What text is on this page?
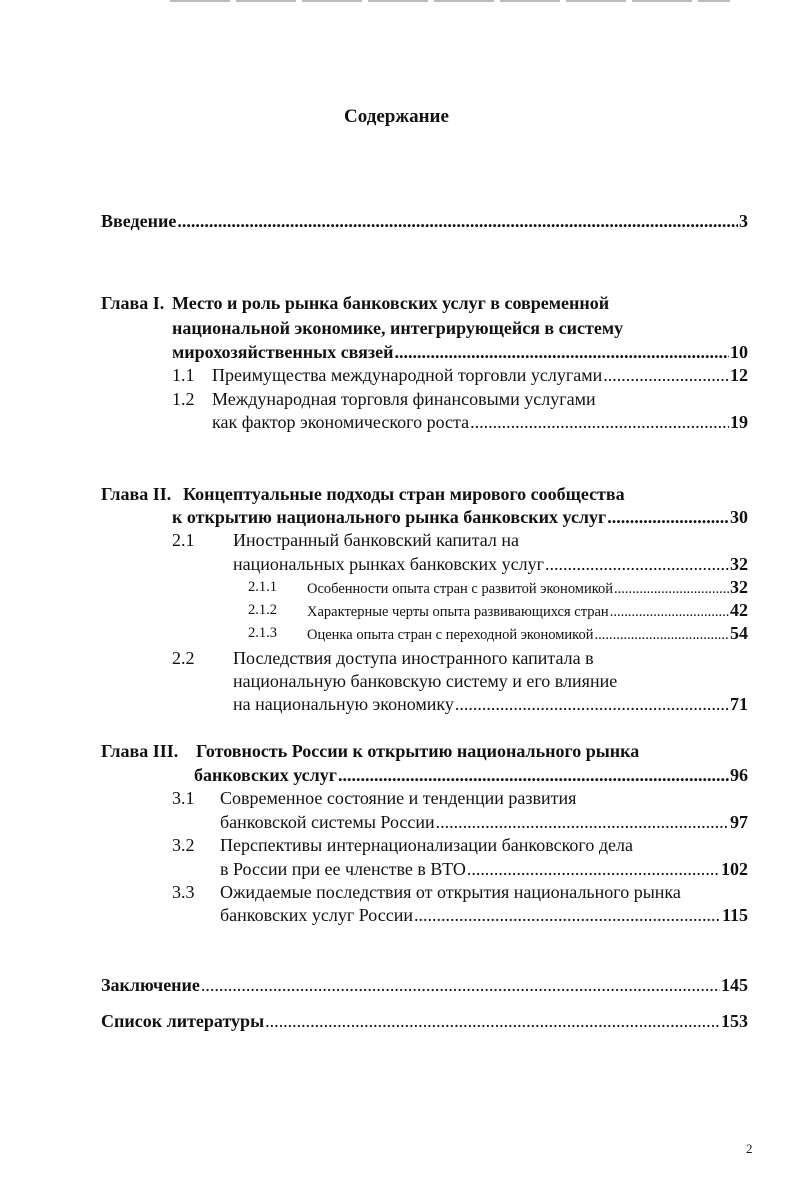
Содержание
Введение .....	3
Глава I. Место и роль рынка банковских услуг в современной
национальной экономике, интегрирующейся в систему
мирохозяйственных связей .....	10
1.1 Преимущества международной торговли услугами .....	12
1.2 Международная торговля финансовыми услугами
как фактор экономического роста .....	19
Глава II. Концептуальные подходы стран мирового сообщества
к открытию национального рынка банковских услуг .....	30
2.1 Иностранный банковский капитал на
национальных рынках банковских услуг .....	32
2.1.1 Особенности опыта стран с развитой экономикой .....	32
2.1.2 Характерные черты опыта развивающихся стран .....	42
2.1.3 Оценка опыта стран с переходной экономикой .....	54
2.2 Последствия доступа иностранного капитала в
национальную банковскую систему и его влияние
на национальную экономику .....	71
Глава III. Готовность России к открытию национального рынка
банковских услуг .....	96
3.1 Современное состояние и тенденции развития
банковской системы России .....	97
3.2 Перспективы интернационализации банковского дела
в России при ее членстве в ВТО .....	102
3.3 Ожидаемые последствия от открытия национального рынка
банковских услуг России .....	115
Заключение .....	145
Список литературы .....	153
2
